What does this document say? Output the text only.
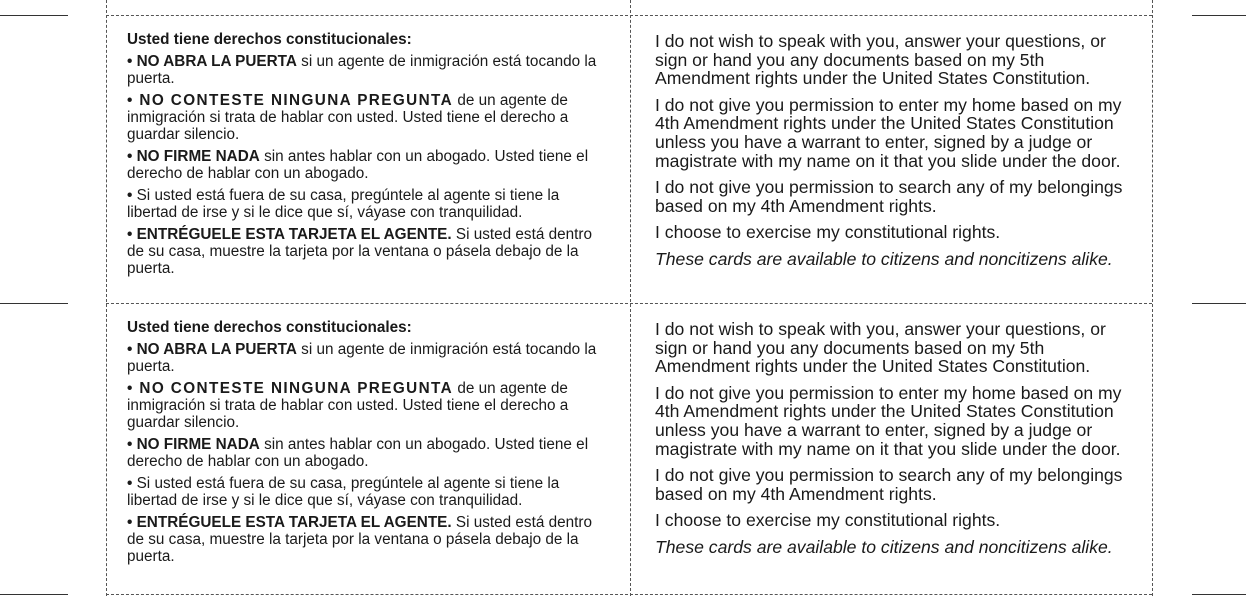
Usted tiene derechos constitucionales:
• NO ABRA LA PUERTA si un agente de inmigración está tocando la puerta.
• NO CONTESTE NINGUNA PREGUNTA de un agente de inmigración si trata de hablar con usted. Usted tiene el derecho a guardar silencio.
• NO FIRME NADA sin antes hablar con un abogado. Usted tiene el derecho de hablar con un abogado.
• Si usted está fuera de su casa, pregúntele al agente si tiene la libertad de irse y si le dice que sí, váyase con tranquilidad.
• ENTRÉGUELE ESTA TARJETA EL AGENTE. Si usted está dentro de su casa, muestre la tarjeta por la ventana o pásela debajo de la puerta.

I do not wish to speak with you, answer your questions, or sign or hand you any documents based on my 5th Amendment rights under the United States Constitution.

I do not give you permission to enter my home based on my 4th Amendment rights under the United States Constitution unless you have a warrant to enter, signed by a judge or magistrate with my name on it that you slide under the door.

I do not give you permission to search any of my belongings based on my 4th Amendment rights.

I choose to exercise my constitutional rights.

These cards are available to citizens and noncitizens alike.

Usted tiene derechos constitucionales:
• NO ABRA LA PUERTA si un agente de inmigración está tocando la puerta.
• NO CONTESTE NINGUNA PREGUNTA de un agente de inmigración si trata de hablar con usted. Usted tiene el derecho a guardar silencio.
• NO FIRME NADA sin antes hablar con un abogado. Usted tiene el derecho de hablar con un abogado.
• Si usted está fuera de su casa, pregúntele al agente si tiene la libertad de irse y si le dice que sí, váyase con tranquilidad.
• ENTRÉGUELE ESTA TARJETA EL AGENTE. Si usted está dentro de su casa, muestre la tarjeta por la ventana o pásela debajo de la puerta.

I do not wish to speak with you, answer your questions, or sign or hand you any documents based on my 5th Amendment rights under the United States Constitution.

I do not give you permission to enter my home based on my 4th Amendment rights under the United States Constitution unless you have a warrant to enter, signed by a judge or magistrate with my name on it that you slide under the door.

I do not give you permission to search any of my belongings based on my 4th Amendment rights.

I choose to exercise my constitutional rights.

These cards are available to citizens and noncitizens alike.
